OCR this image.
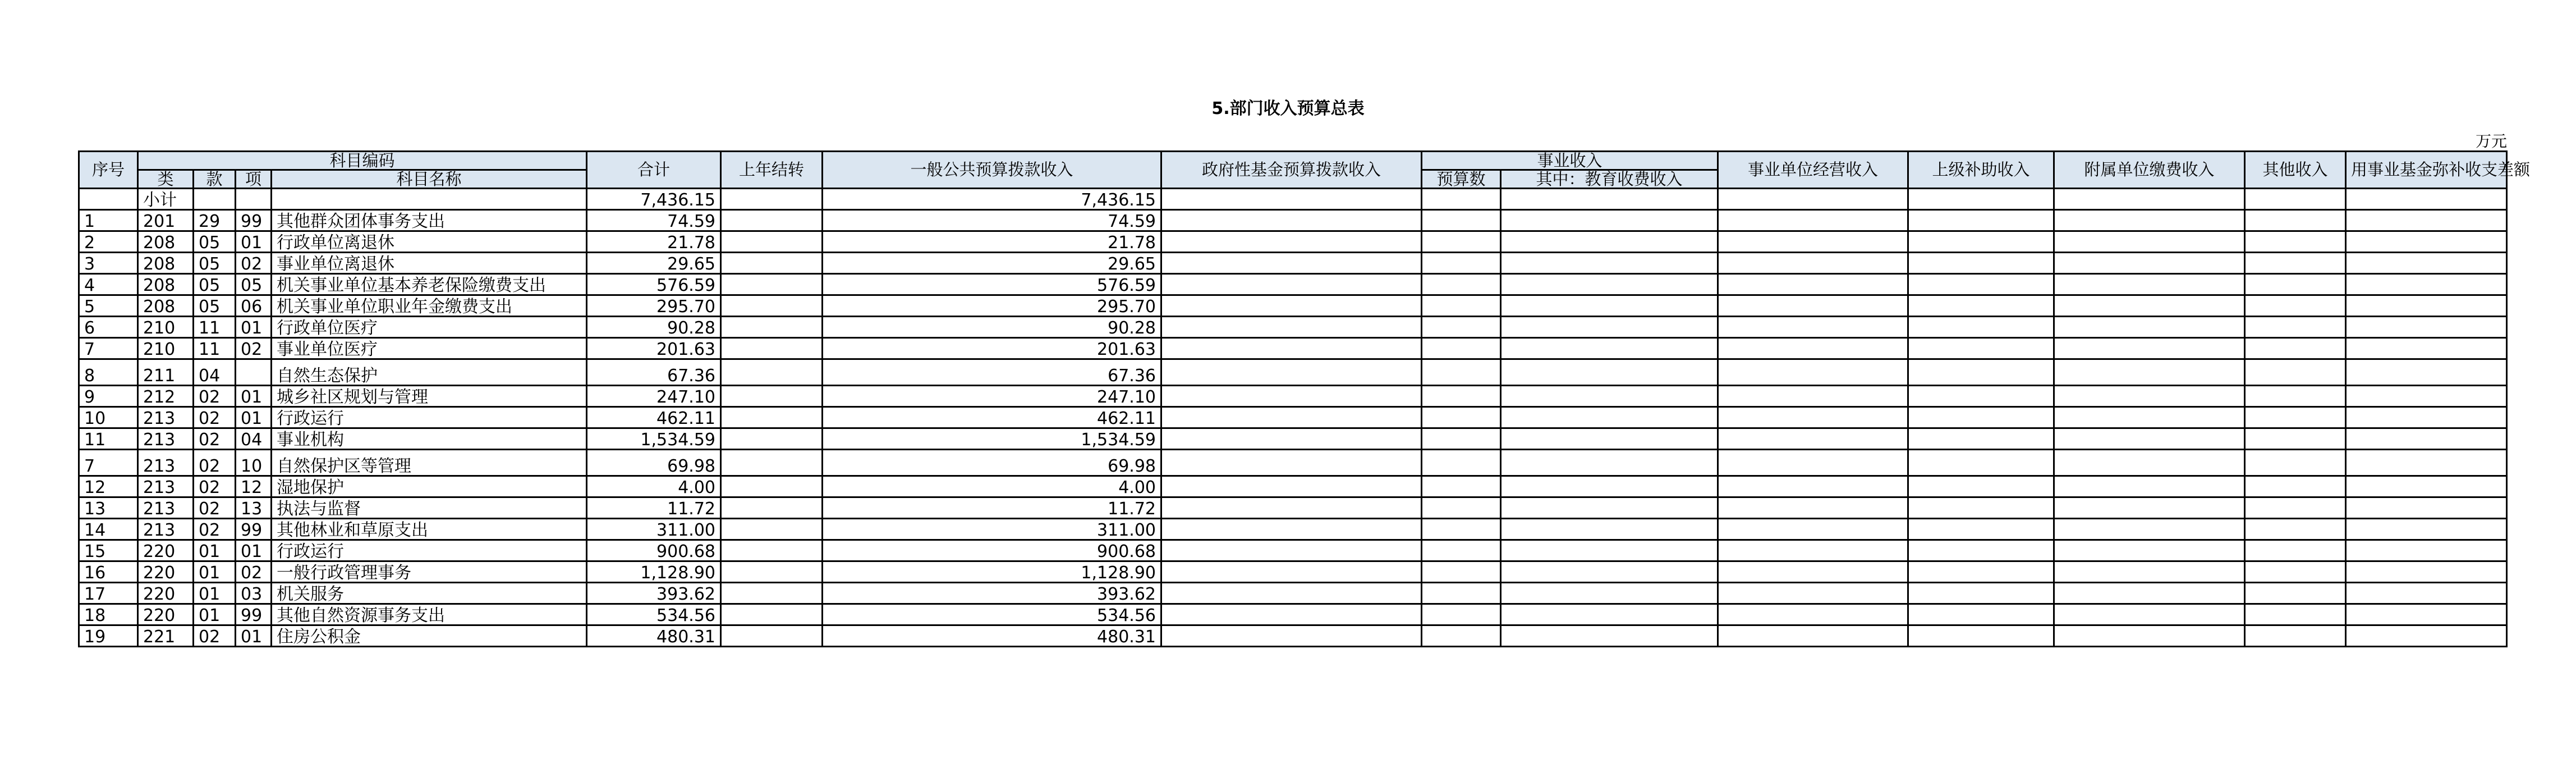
5.部门收入预算总表
万元
序号	科目编码				合计	上年结转	一般公共预算拨款收入	政府性基金预算拨款收入	事业收入		事业单位经营收入	上级补助收入	附属单位缴费收入	其他收入	用事业基金弥补收支差额
	类	款	项	科目名称					预算数	其中：教育收费收入					
	小计				7,436.15		7,436.15								
1	201	29	99	其他群众团体事务支出	74.59		74.59								
2	208	05	01	行政单位离退休	21.78		21.78								
3	208	05	02	事业单位离退休	29.65		29.65								
4	208	05	05	机关事业单位基本养老保险缴费支出	576.59		576.59								
5	208	05	06	机关事业单位职业年金缴费支出	295.70		295.70								
6	210	11	01	行政单位医疗	90.28		90.28								
7	210	11	02	事业单位医疗	201.63		201.63								
8	211	04		自然生态保护	67.36		67.36								
9	212	02	01	城乡社区规划与管理	247.10		247.10								
10	213	02	01	行政运行	462.11		462.11								
11	213	02	04	事业机构	1,534.59		1,534.59								
7	213	02	10	自然保护区等管理	69.98		69.98								
12	213	02	12	湿地保护	4.00		4.00								
13	213	02	13	执法与监督	11.72		11.72								
14	213	02	99	其他林业和草原支出	311.00		311.00								
15	220	01	01	行政运行	900.68		900.68								
16	220	01	02	一般行政管理事务	1,128.90		1,128.90								
17	220	01	03	机关服务	393.62		393.62								
18	220	01	99	其他自然资源事务支出	534.56		534.56								
19	221	02	01	住房公积金	480.31		480.31								
